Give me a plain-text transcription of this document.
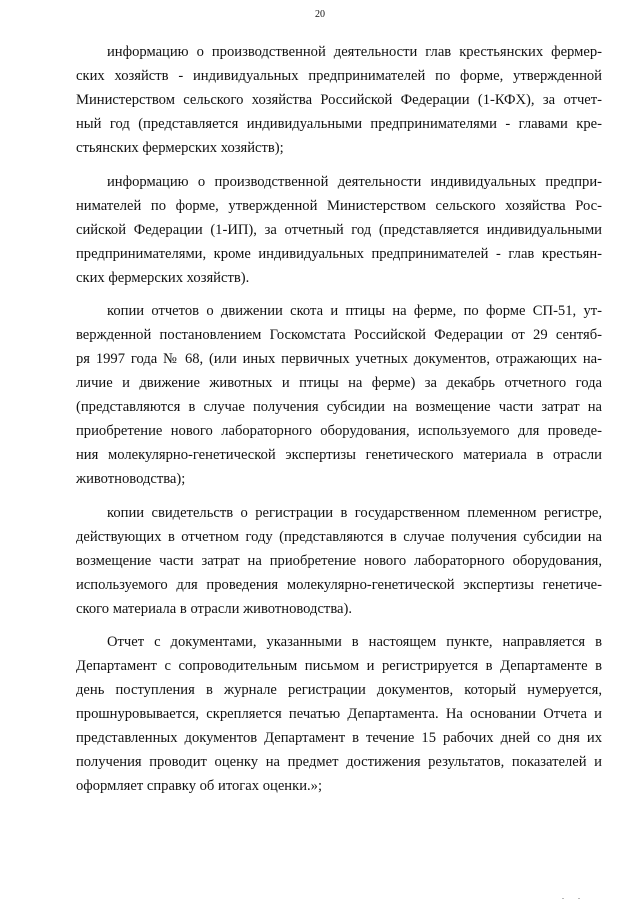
20
информацию о производственной деятельности глав крестьянских фермер-
ских хозяйств - индивидуальных предпринимателей по форме, утвержденной
Министерством сельского хозяйства Российской Федерации (1-КФХ), за отчет-
ный год (представляется индивидуальными предпринимателями - главами кре-
стьянских фермерских хозяйств);
информацию о производственной деятельности индивидуальных предпри-
нимателей по форме, утвержденной Министерством сельского хозяйства Рос-
сийской Федерации (1-ИП), за отчетный год (представляется индивидуальными
предпринимателями, кроме индивидуальных предпринимателей - глав крестьян-
ских фермерских хозяйств).
копии отчетов о движении скота и птицы на ферме, по форме СП-51, ут-
вержденной постановлением Госкомстата Российской Федерации от 29 сентяб-
ря 1997 года № 68, (или иных первичных учетных документов, отражающих на-
личие и движение животных и птицы на ферме) за декабрь отчетного года
(представляются в случае получения субсидии на возмещение части затрат на
приобретение нового лабораторного оборудования, используемого для проведе-
ния молекулярно-генетической экспертизы генетического материала в отрасли
животноводства);
копии свидетельств о регистрации в государственном племенном регистре,
действующих в отчетном году (представляются в случае получения субсидии на
возмещение части затрат на приобретение нового лабораторного оборудования,
используемого для проведения молекулярно-генетической экспертизы генетиче-
ского материала в отрасли животноводства).
Отчет с документами, указанными в настоящем пункте, направляется в
Департамент с сопроводительным письмом и регистрируется в Департаменте в
день поступления в журнале регистрации документов, который нумеруется,
прошнуровывается, скрепляется печатью Департамента. На основании Отчета и
представленных документов Департамент в течение 15 рабочих дней со дня их
получения проводит оценку на предмет достижения результатов, показателей и
оформляет справку об итогах оценки.»;
. .
